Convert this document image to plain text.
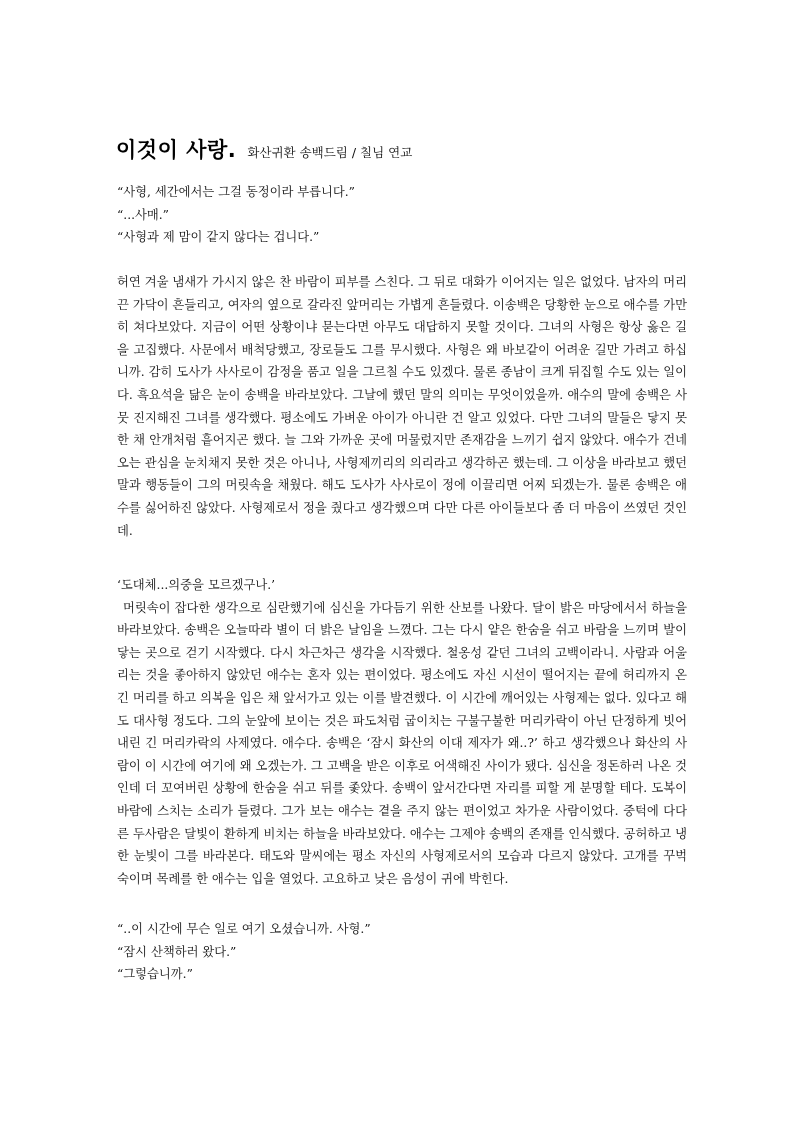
이것이 사랑. 화산귀환 송백드림 / 칠님 연교

“사형, 세간에서는 그걸 동정이라 부릅니다.”

“...사매.”

“사형과 제 맘이 같지 않다는 겁니다.”

허연 겨울 냄새가 가시지 않은 찬 바람이 피부를 스친다. 그 뒤로 대화가 이어지는 일은 없었다. 남자의 머리끈 가닥이 흔들리고, 여자의 옆으로 갈라진 앞머리는 가볍게 흔들렸다. 이송백은 당황한 눈으로 애수를 가만히 쳐다보았다. 지금이 어떤 상황이냐 묻는다면 아무도 대답하지 못할 것이다. 그녀의 사형은 항상 옳은 길을 고집했다. 사문에서 배척당했고, 장로들도 그를 무시했다. 사형은 왜 바보같이 어려운 길만 가려고 하십니까. 감히 도사가 사사로이 감정을 품고 일을 그르칠 수도 있겠다. 물론 종남이 크게 뒤집힐 수도 있는 일이다. 흑요석을 닮은 눈이 송백을 바라보았다. 그날에 했던 말의 의미는 무엇이었을까. 애수의 말에 송백은 사뭇 진지해진 그녀를 생각했다. 평소에도 가벼운 아이가 아니란 건 알고 있었다. 다만 그녀의 말들은 닿지 못한 채 안개처럼 흩어지곤 했다. 늘 그와 가까운 곳에 머물렀지만 존재감을 느끼기 쉽지 않았다. 애수가 건네오는 관심을 눈치채지 못한 것은 아니나, 사형제끼리의 의리라고 생각하곤 했는데. 그 이상을 바라보고 했던 말과 행동들이 그의 머릿속을 채웠다. 해도 도사가 사사로이 정에 이끌리면 어찌 되겠는가. 물론 송백은 애수를 싫어하진 않았다. 사형제로서 정을 줬다고 생각했으며 다만 다른 아이들보다 좀 더 마음이 쓰였던 것인데.

‘도대체...의중을 모르겠구나.’

머릿속이 잡다한 생각으로 심란했기에 심신을 가다듬기 위한 산보를 나왔다. 달이 밝은 마당에서서 하늘을 바라보았다. 송백은 오늘따라 별이 더 밝은 날임을 느꼈다. 그는 다시 얕은 한숨을 쉬고 바람을 느끼며 발이 닿는 곳으로 걷기 시작했다. 다시 차근차근 생각을 시작했다. 철옹성 같던 그녀의 고백이라니. 사람과 어울리는 것을 좋아하지 않았던 애수는 혼자 있는 편이었다. 평소에도 자신 시선이 떨어지는 끝에 허리까지 온 긴 머리를 하고 의복을 입은 채 앞서가고 있는 이를 발견했다. 이 시간에 깨어있는 사형제는 없다. 있다고 해도 대사형 정도다. 그의 눈앞에 보이는 것은 파도처럼 굽이치는 구불구불한 머리카락이 아닌 단정하게 빗어 내린 긴 머리카락의 사제였다. 애수다. 송백은 ‘잠시 화산의 이대 제자가 왜..?’ 하고 생각했으나 화산의 사람이 이 시간에 여기에 왜 오겠는가. 그 고백을 받은 이후로 어색해진 사이가 됐다. 심신을 정돈하러 나온 것인데 더 꼬여버린 상황에 한숨을 쉬고 뒤를 좇았다. 송백이 앞서간다면 자리를 피할 게 분명할 테다. 도복이 바람에 스치는 소리가 들렸다. 그가 보는 애수는 곁을 주지 않는 편이었고 차가운 사람이었다. 중턱에 다다른 두사람은 달빛이 환하게 비치는 하늘을 바라보았다. 애수는 그제야 송백의 존재를 인식했다. 공허하고 냉한 눈빛이 그를 바라본다. 태도와 말씨에는 평소 자신의 사형제로서의 모습과 다르지 않았다. 고개를 꾸벅 숙이며 목례를 한 애수는 입을 열었다. 고요하고 낮은 음성이 귀에 박힌다.

“..이 시간에 무슨 일로 여기 오셨습니까. 사형.”

“잠시 산책하러 왔다.”

“그렇습니까.”
